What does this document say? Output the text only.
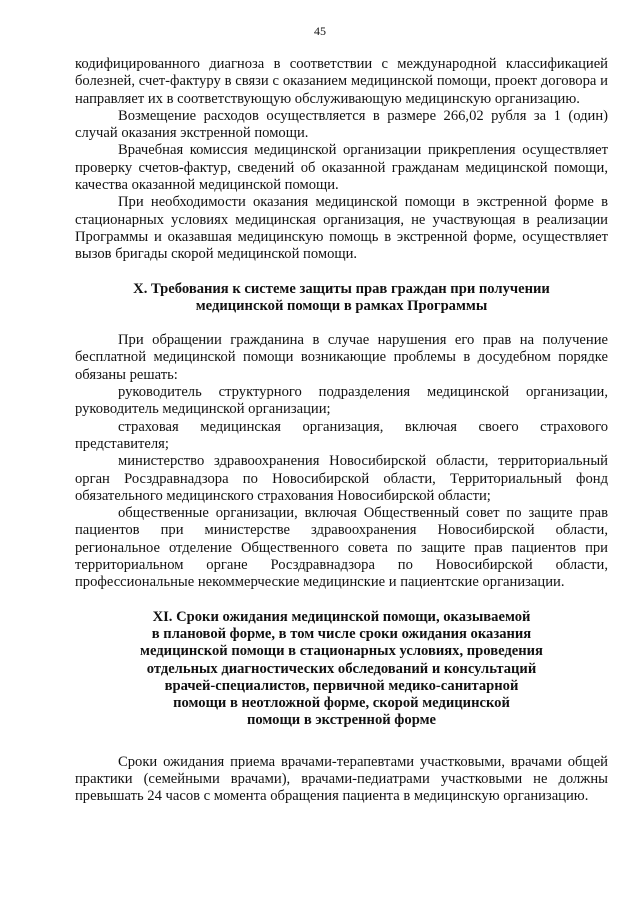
45

кодифицированного диагноза в соответствии с международной классификацией болезней, счет-фактуру в связи с оказанием медицинской помощи, проект договора и направляет их в соответствующую обслуживающую медицинскую организацию.

Возмещение расходов осуществляется в размере 266,02 рубля за 1 (один) случай оказания экстренной помощи.

Врачебная комиссия медицинской организации прикрепления осуществляет проверку счетов-фактур, сведений об оказанной гражданам медицинской помощи, качества оказанной медицинской помощи.

При необходимости оказания медицинской помощи в экстренной форме в стационарных условиях медицинская организация, не участвующая в реализации Программы и оказавшая медицинскую помощь в экстренной форме, осуществляет вызов бригады скорой медицинской помощи.

X. Требования к системе защиты прав граждан при получении
медицинской помощи в рамках Программы

При обращении гражданина в случае нарушения его прав на получение бесплатной медицинской помощи возникающие проблемы в досудебном порядке обязаны решать:

руководитель структурного подразделения медицинской организации, руководитель медицинской организации;

страховая медицинская организация, включая своего страхового представителя;

министерство здравоохранения Новосибирской области, территориальный орган Росздравнадзора по Новосибирской области, Территориальный фонд обязательного медицинского страхования Новосибирской области;

общественные организации, включая Общественный совет по защите прав пациентов при министерстве здравоохранения Новосибирской области, региональное отделение Общественного совета по защите прав пациентов при территориальном органе Росздравнадзора по Новосибирской области, профессиональные некоммерческие медицинские и пациентские организации.

XI. Сроки ожидания медицинской помощи, оказываемой
в плановой форме, в том числе сроки ожидания оказания
медицинской помощи в стационарных условиях, проведения
отдельных диагностических обследований и консультаций
врачей-специалистов, первичной медико-санитарной
помощи в неотложной форме, скорой медицинской
помощи в экстренной форме

Сроки ожидания приема врачами-терапевтами участковыми, врачами общей практики (семейными врачами), врачами-педиатрами участковыми не должны превышать 24 часов с момента обращения пациента в медицинскую организацию.
